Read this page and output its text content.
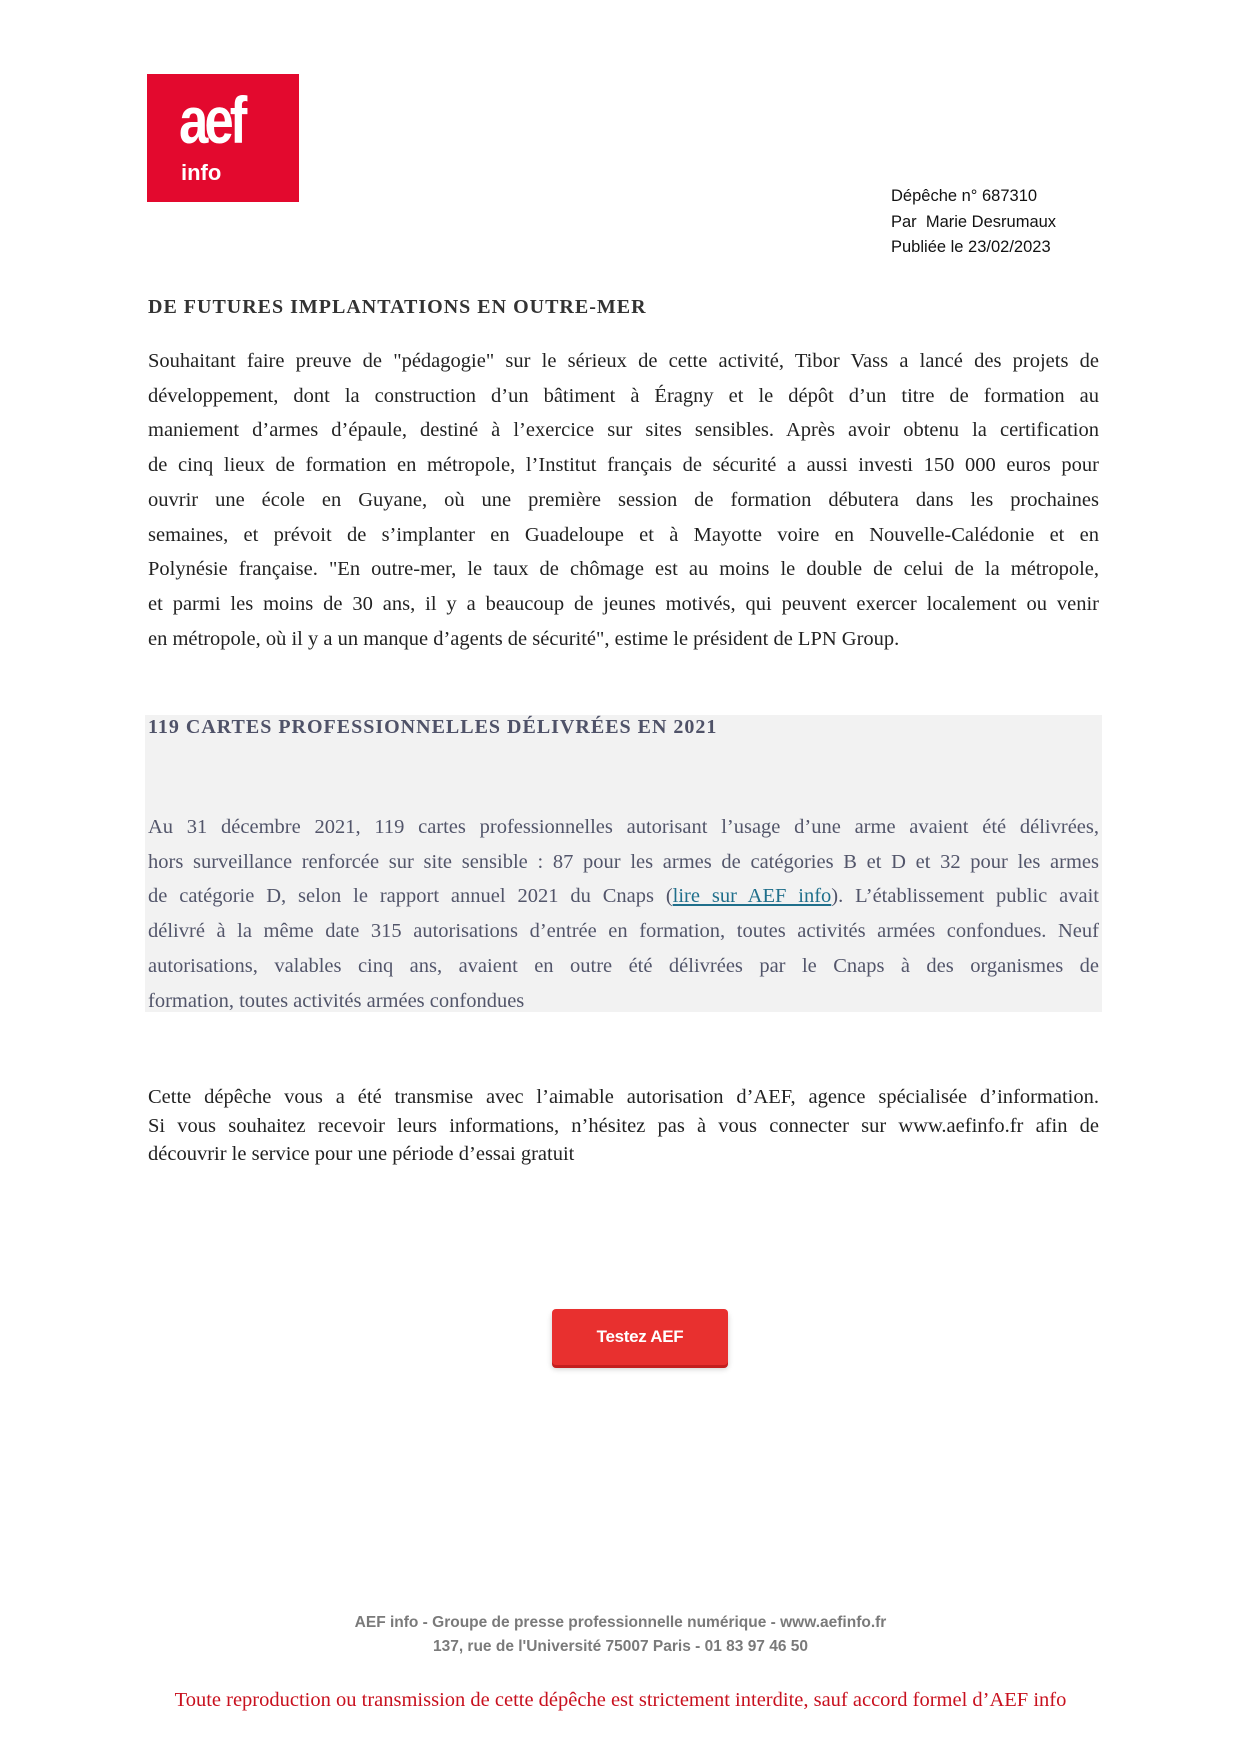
aef
info
Dépêche n° 687310
Par  Marie Desrumaux
Publiée le 23/02/2023
DE FUTURES IMPLANTATIONS EN OUTRE-MER
Souhaitant faire preuve de "pédagogie" sur le sérieux de cette activité, Tibor Vass a lancé des projets de
développement, dont la construction d’un bâtiment à Éragny et le dépôt d’un titre de formation au
maniement d’armes d’épaule, destiné à l’exercice sur sites sensibles. Après avoir obtenu la certification
de cinq lieux de formation en métropole, l’Institut français de sécurité a aussi investi 150 000 euros pour
ouvrir une école en Guyane, où une première session de formation débutera dans les prochaines
semaines, et prévoit de s’implanter en Guadeloupe et à Mayotte voire en Nouvelle-Calédonie et en
Polynésie française. "En outre-mer, le taux de chômage est au moins le double de celui de la métropole,
et parmi les moins de 30 ans, il y a beaucoup de jeunes motivés, qui peuvent exercer localement ou venir
en métropole, où il y a un manque d’agents de sécurité", estime le président de LPN Group.
119 CARTES PROFESSIONNELLES DÉLIVRÉES EN 2021
Au 31 décembre 2021, 119 cartes professionnelles autorisant l’usage d’une arme avaient été délivrées,
hors surveillance renforcée sur site sensible : 87 pour les armes de catégories B et D et 32 pour les armes
de catégorie D, selon le rapport annuel 2021 du Cnaps (lire sur AEF info). L’établissement public avait
délivré à la même date 315 autorisations d’entrée en formation, toutes activités armées confondues. Neuf
autorisations, valables cinq ans, avaient en outre été délivrées par le Cnaps à des organismes de
formation, toutes activités armées confondues
Cette dépêche vous a été transmise avec l’aimable autorisation d’AEF, agence spécialisée d’information.
Si vous souhaitez recevoir leurs informations, n’hésitez pas à vous connecter sur www.aefinfo.fr afin de
découvrir le service pour une période d’essai gratuit
Testez AEF
AEF info - Groupe de presse professionnelle numérique - www.aefinfo.fr
137, rue de l'Université 75007 Paris - 01 83 97 46 50
Toute reproduction ou transmission de cette dépêche est strictement interdite, sauf accord formel d’AEF info
